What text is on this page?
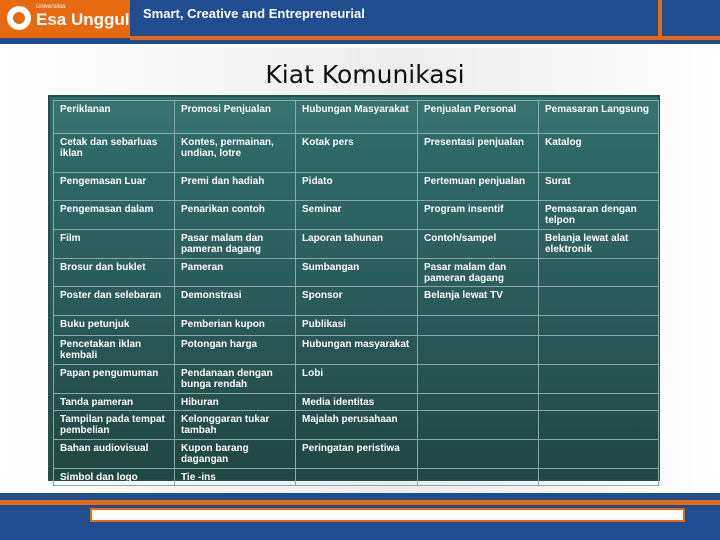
Universitas
Esa Unggul Smart, Creative and Entrepreneurial
Kiat Komunikasi
Periklanan	Promosi Penjualan	Hubungan Masyarakat	Penjualan Personal	Pemasaran Langsung
Cetak dan sebarluas iklan	Kontes, permainan, undian, lotre	Kotak pers	Presentasi penjualan	Katalog
Pengemasan Luar	Premi dan hadiah	Pidato	Pertemuan penjualan	Surat
Pengemasan dalam	Penarikan contoh	Seminar	Program insentif	Pemasaran dengan telpon
Film	Pasar malam dan pameran dagang	Laporan tahunan	Contoh/sampel	Belanja lewat alat elektronik
Brosur dan buklet	Pameran	Sumbangan	Pasar malam dan pameran dagang	
Poster dan selebaran	Demonstrasi	Sponsor	Belanja lewat TV	
Buku petunjuk	Pemberian kupon	Publikasi		
Pencetakan iklan kembali	Potongan harga	Hubungan masyarakat		
Papan pengumuman	Pendanaan dengan bunga rendah	Lobi		
Tanda pameran	Hiburan	Media identitas		
Tampilan pada tempat pembelian	Kelonggaran tukar tambah	Majalah perusahaan		
Bahan audiovisual	Kupon barang dagangan	Peringatan peristiwa		
Simbol dan logo	Tie -ins			
